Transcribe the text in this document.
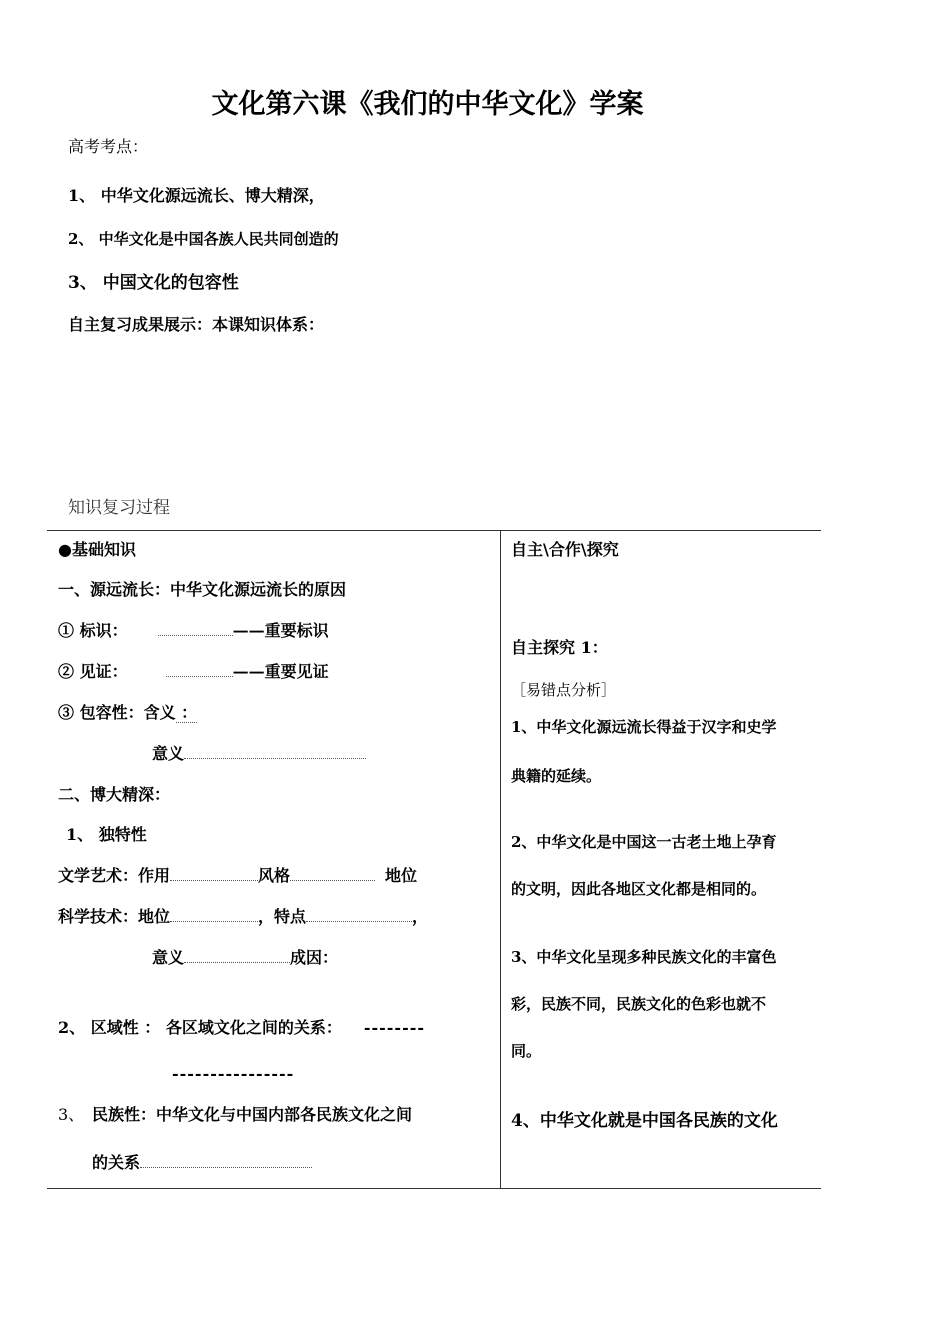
文化第六课《我们的中华文化》学案
高考考点：
1、 中华文化源远流长、博大精深，
2、 中华文化是中国各族人民共同创造的
3、 中国文化的包容性
自主复习成果展示：本课知识体系：
知识复习过程
●基础知识
一、源远流长：中华文化源远流长的原因
① 标识：	——重要标识
② 见证：	——重要见证
③ 包容性：含义 ：
意义
二、博大精深：
1、 独特性
文学艺术：作用	风格	地位
科学技术：地位	，特点	，
意义	成因：
2、 区域性 ： 各区域文化之间的关系： --------
----------------
3、 民族性：中华文化与中国内部各民族文化之间
的关系
自主\合作\探究
自主探究 1：
［易错点分析］
1、中华文化源远流长得益于汉字和史学
典籍的延续。
2、中华文化是中国这一古老土地上孕育
的文明，因此各地区文化都是相同的。
3、中华文化呈现多种民族文化的丰富色
彩，民族不同，民族文化的色彩也就不
同。
4、中华文化就是中国各民族的文化
